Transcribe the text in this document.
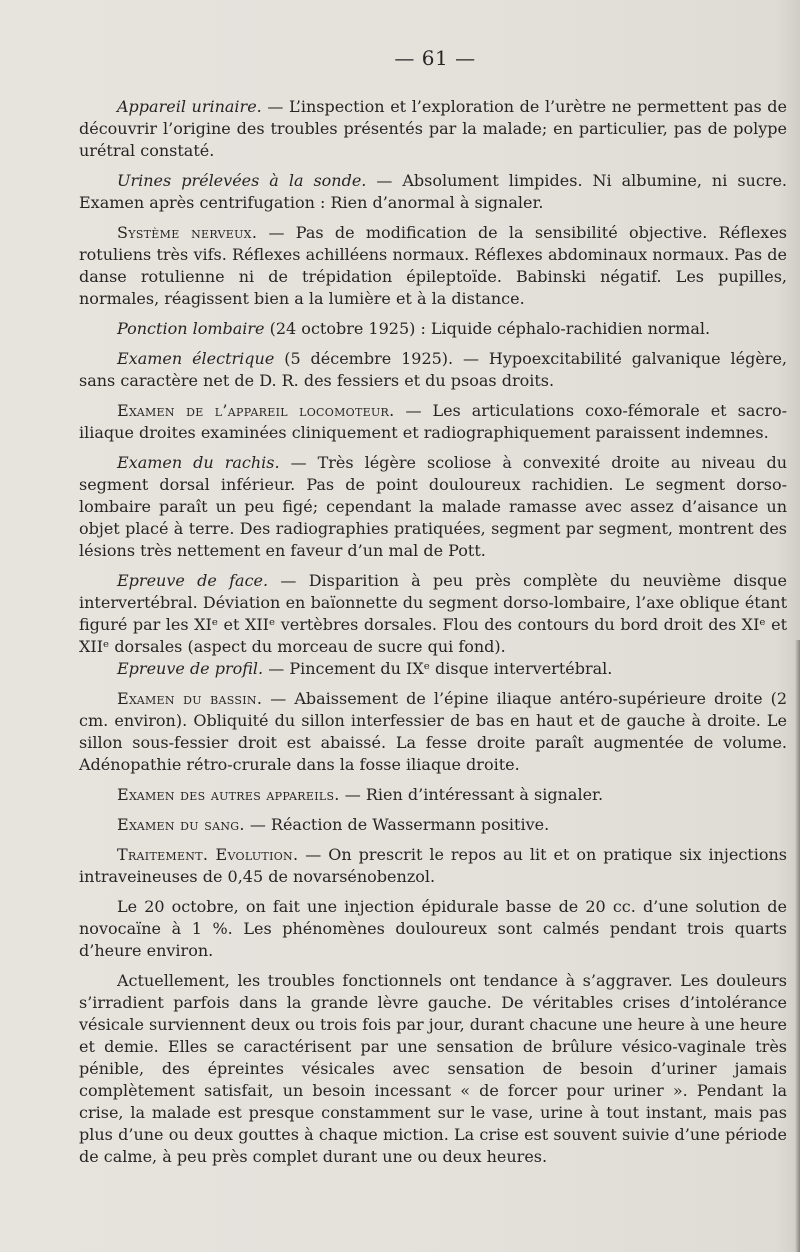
— 61 —

Appareil urinaire. — L’inspection et l’exploration de l’urètre ne permettent pas de découvrir l’origine des troubles présentés par la malade; en particulier, pas de polype urétral constaté.

Urines prélevées à la sonde. — Absolument limpides. Ni albumine, ni sucre. Examen après centrifugation : Rien d’anormal à signaler.

Système nerveux. — Pas de modification de la sensibilité objective. Réflexes rotuliens très vifs. Réflexes achilléens normaux. Réflexes abdominaux normaux. Pas de danse rotulienne ni de trépidation épileptoïde. Babinski négatif. Les pupilles, normales, réagissent bien a la lumière et à la distance.

Ponction lombaire (24 octobre 1925) : Liquide céphalo-rachidien normal.

Examen électrique (5 décembre 1925). — Hypoexcitabilité galvanique légère, sans caractère net de D. R. des fessiers et du psoas droits.

Examen de l’appareil locomoteur. — Les articulations coxo-fémorale et sacro-iliaque droites examinées cliniquement et radiographiquement paraissent indemnes.

Examen du rachis. — Très légère scoliose à convexité droite au niveau du segment dorsal inférieur. Pas de point douloureux rachidien. Le segment dorso-lombaire paraît un peu figé; cependant la malade ramasse avec assez d’aisance un objet placé à terre. Des radiographies pratiquées, segment par segment, montrent des lésions très nettement en faveur d’un mal de Pott.

Epreuve de face. — Disparition à peu près complète du neuvième disque intervertébral. Déviation en baïonnette du segment dorso-lombaire, l’axe oblique étant figuré par les XIᵉ et XIIᵉ vertèbres dorsales. Flou des contours du bord droit des XIᵉ et XIIᵉ dorsales (aspect du morceau de sucre qui fond).

Epreuve de profil. — Pincement du IXᵉ disque intervertébral.

Examen du bassin. — Abaissement de l’épine iliaque antéro-supérieure droite (2 cm. environ). Obliquité du sillon interfessier de bas en haut et de gauche à droite. Le sillon sous-fessier droit est abaissé. La fesse droite paraît augmentée de volume. Adénopathie rétro-crurale dans la fosse iliaque droite.

Examen des autres appareils. — Rien d’intéressant à signaler.

Examen du sang. — Réaction de Wassermann positive.

Traitement. Evolution. — On prescrit le repos au lit et on pratique six injections intraveineuses de 0,45 de novarsénobenzol.

Le 20 octobre, on fait une injection épidurale basse de 20 cc. d’une solution de novocaïne à 1 %. Les phénomènes douloureux sont calmés pendant trois quarts d’heure environ.

Actuellement, les troubles fonctionnels ont tendance à s’aggraver. Les douleurs s’irradient parfois dans la grande lèvre gauche. De véritables crises d’intolérance vésicale surviennent deux ou trois fois par jour, durant chacune une heure à une heure et demie. Elles se caractérisent par une sensation de brûlure vésico-vaginale très pénible, des épreintes vésicales avec sensation de besoin d’uriner jamais complètement satisfait, un besoin incessant « de forcer pour uriner ». Pendant la crise, la malade est presque constamment sur le vase, urine à tout instant, mais pas plus d’une ou deux gouttes à chaque miction. La crise est souvent suivie d’une période de calme, à peu près complet durant une ou deux heures.
